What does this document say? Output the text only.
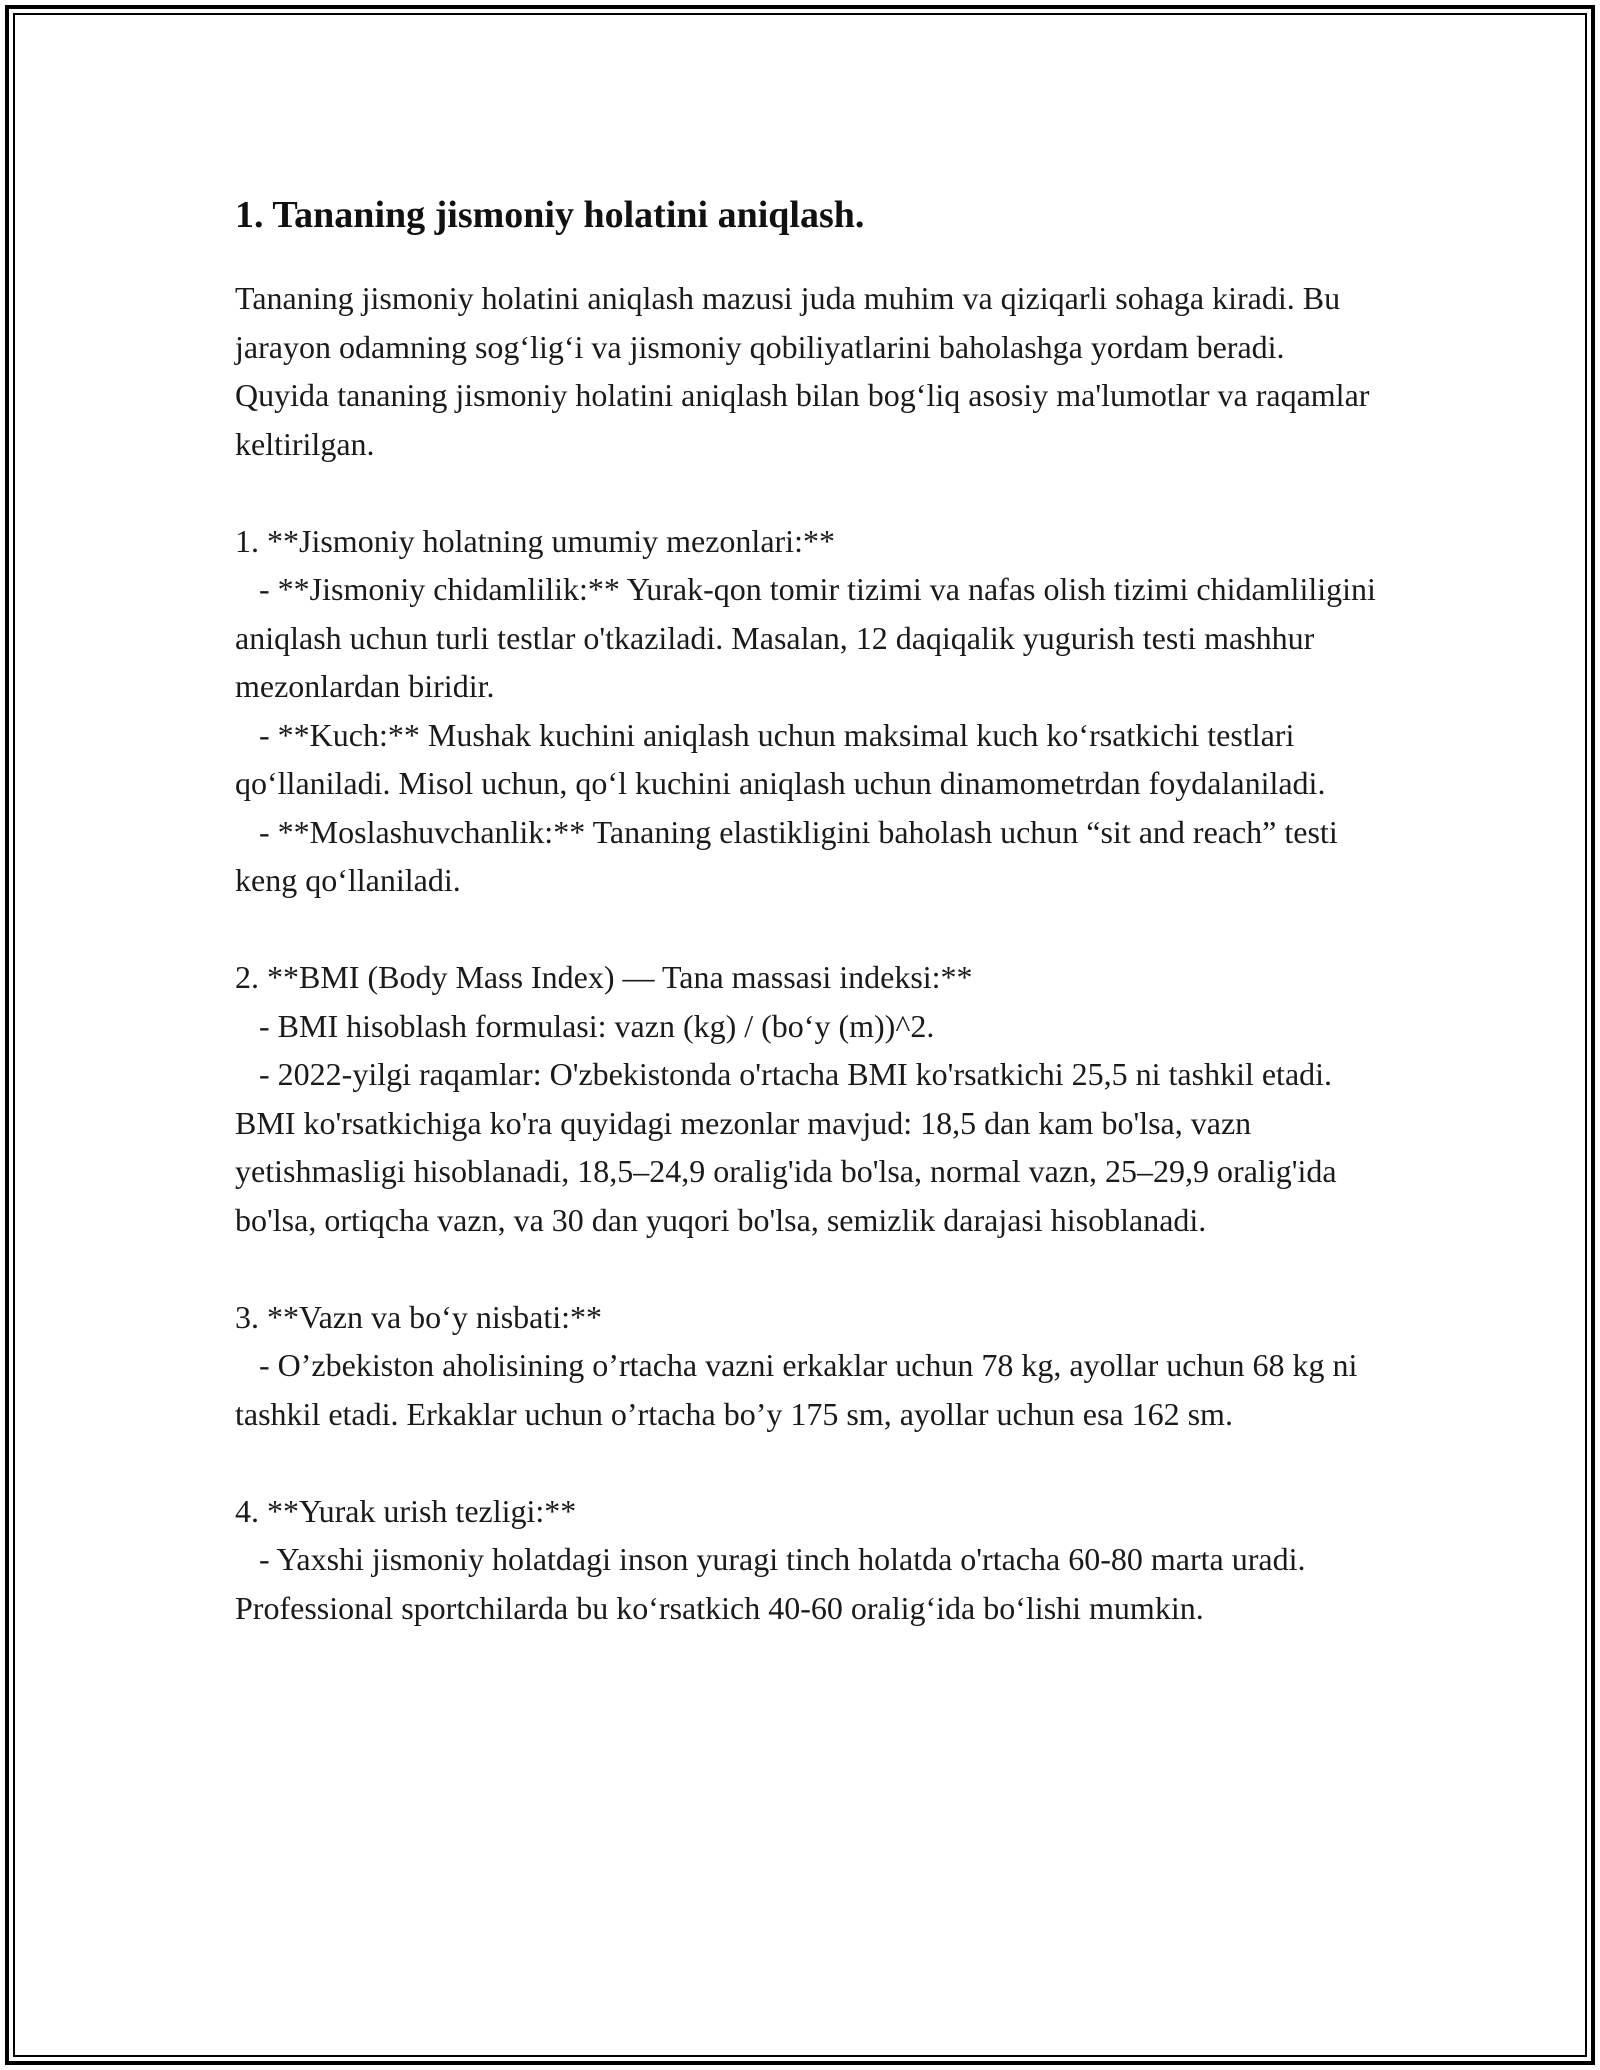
1. Tananing jismoniy holatini aniqlash.

Tananing jismoniy holatini aniqlash mazusi juda muhim va qiziqarli sohaga kiradi. Bu jarayon odamning sog‘lig‘i va jismoniy qobiliyatlarini baholashga yordam beradi. Quyida tananing jismoniy holatini aniqlash bilan bog‘liq asosiy ma'lumotlar va raqamlar keltirilgan.

1. **Jismoniy holatning umumiy mezonlari:**

- **Jismoniy chidamlilik:** Yurak-qon tomir tizimi va nafas olish tizimi chidamliligini aniqlash uchun turli testlar o'tkaziladi. Masalan, 12 daqiqalik yugurish testi mashhur mezonlardan biridir.

- **Kuch:** Mushak kuchini aniqlash uchun maksimal kuch ko‘rsatkichi testlari qo‘llaniladi. Misol uchun, qo‘l kuchini aniqlash uchun dinamometrdan foydalaniladi.

- **Moslashuvchanlik:** Tananing elastikligini baholash uchun “sit and reach” testi keng qo‘llaniladi.

2. **BMI (Body Mass Index) — Tana massasi indeksi:**

- BMI hisoblash formulasi: vazn (kg) / (bo‘y (m))^2.

- 2022-yilgi raqamlar: O'zbekistonda o'rtacha BMI ko'rsatkichi 25,5 ni tashkil etadi. BMI ko'rsatkichiga ko'ra quyidagi mezonlar mavjud: 18,5 dan kam bo'lsa, vazn yetishmasligi hisoblanadi, 18,5–24,9 oralig'ida bo'lsa, normal vazn, 25–29,9 oralig'ida bo'lsa, ortiqcha vazn, va 30 dan yuqori bo'lsa, semizlik darajasi hisoblanadi.

3. **Vazn va bo‘y nisbati:**

- O’zbekiston aholisining o’rtacha vazni erkaklar uchun 78 kg, ayollar uchun 68 kg ni tashkil etadi. Erkaklar uchun o’rtacha bo’y 175 sm, ayollar uchun esa 162 sm.

4. **Yurak urish tezligi:**

- Yaxshi jismoniy holatdagi inson yuragi tinch holatda o'rtacha 60-80 marta uradi. Professional sportchilarda bu ko‘rsatkich 40-60 oralig‘ida bo‘lishi mumkin.
